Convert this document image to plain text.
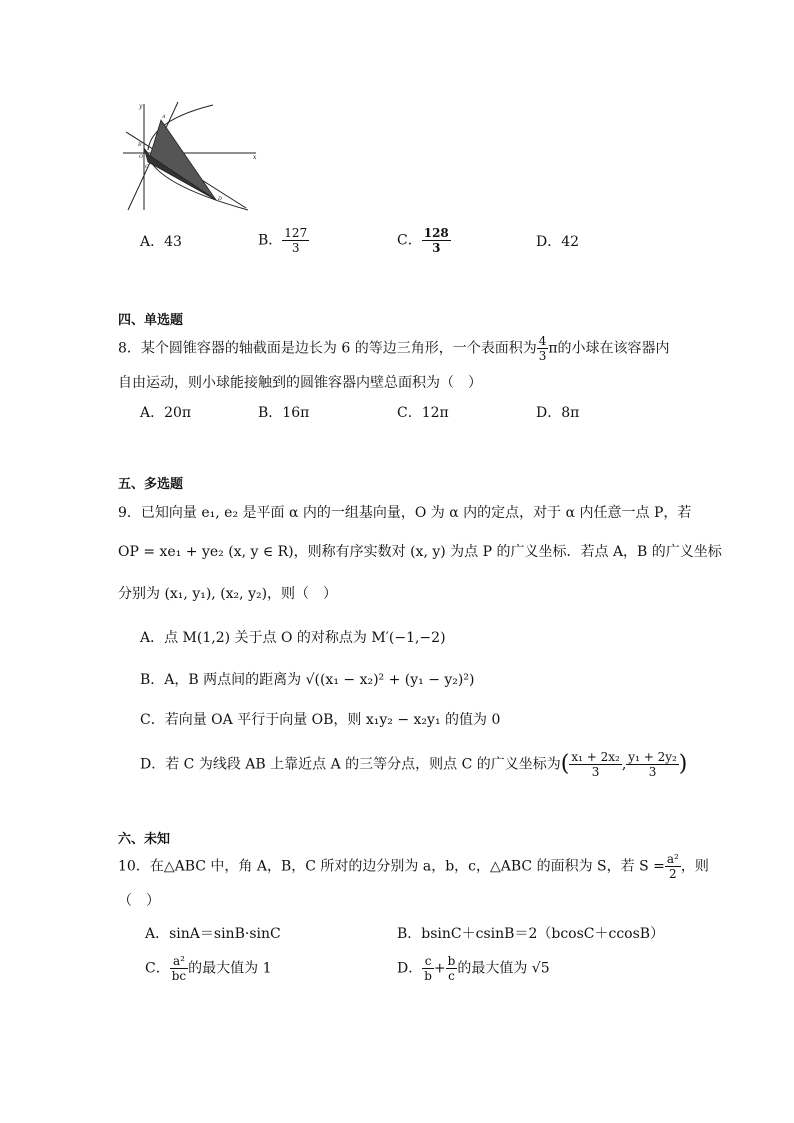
x
y
A
B
O
C
D
A．43	B． $\frac{127}{3}$	C． $\frac{128}{3}$	D．42
四、单选题
8．某个圆锥容器的轴截面是边长为 6 的等边三角形，一个表面积为 $\frac{4}{3}$ π的小球在该容器内
自由运动，则小球能接触到的圆锥容器内壁总面积为（　）
A．20π	B．16π	C．12π	D．8π
五、多选题
9．已知向量 e₁, e₂ 是平面 α 内的一组基向量，O 为 α 内的定点，对于 α 内任意一点 P，若
OP = xe₁ + ye₂ (x, y ∈ R)，则称有序实数对 (x, y) 为点 P 的广义坐标．若点 A，B 的广义坐标
分别为 (x₁, y₁), (x₂, y₂)，则（　）
A．点 M(1,2) 关于点 O 的对称点为 M′(−1,−2)
B．A，B 两点间的距离为 √((x₁ − x₂)² + (y₁ − y₂)²)
C．若向量 OA 平行于向量 OB，则 x₁y₂ − x₂y₁ 的值为 0
D．若 C 为线段 AB 上靠近点 A 的三等分点，则点 C 的广义坐标为( $\frac{\text{x₁ + 2x₂}}{3}$ , $\frac{\text{y₁ + 2y₂}}{3}$ )
六、未知
10．在△ABC 中，角 A，B，C 所对的边分别为 a，b，c，△ABC 的面积为 S，若 $S = \frac{\text{a²}}{2}$ ，则
（　）
A．sinA＝sinB·sinC	B．bsinC＋csinB＝2（bcosC＋ccosB）
C． $\frac{\text{a²}}{bc}$ 的最大值为 1	D． $\frac{c}{b} + \frac{b}{c}$ 的最大值为 √5
